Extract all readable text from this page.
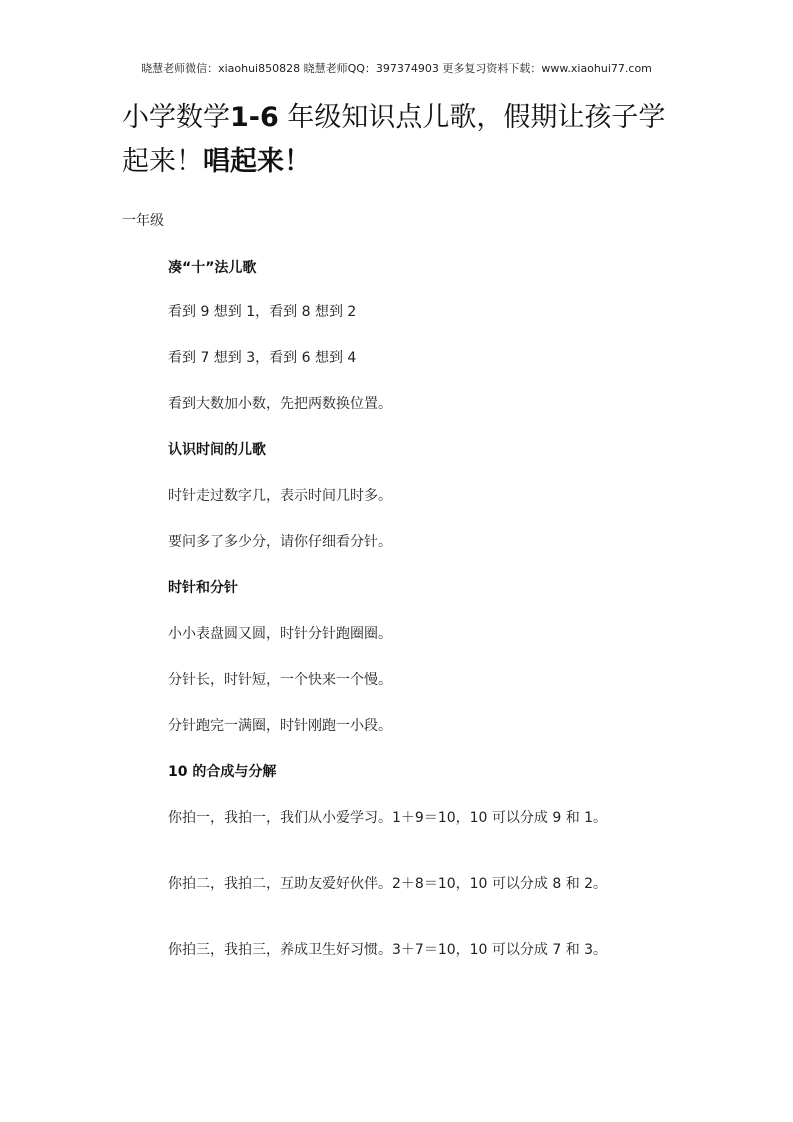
晓慧老师微信：xiaohui850828 晓慧老师QQ：397374903 更多复习资料下载：www.xiaohui77.com
小学数学1-6 年级知识点儿歌，假期让孩子学
起来！唱起来！
一年级
凑“十”法儿歌
看到 9 想到 1，看到 8 想到 2
看到 7 想到 3，看到 6 想到 4
看到大数加小数，先把两数换位置。
认识时间的儿歌
时针走过数字几，表示时间几时多。
要问多了多少分，请你仔细看分针。
时针和分针
小小表盘圆又圆，时针分针跑圈圈。
分针长，时针短，一个快来一个慢。
分针跑完一满圈，时针刚跑一小段。
10 的合成与分解
你拍一，我拍一，我们从小爱学习。1＋9＝10，10 可以分成 9 和 1。
你拍二，我拍二，互助友爱好伙伴。2＋8＝10，10 可以分成 8 和 2。
你拍三，我拍三，养成卫生好习惯。3＋7＝10，10 可以分成 7 和 3。
